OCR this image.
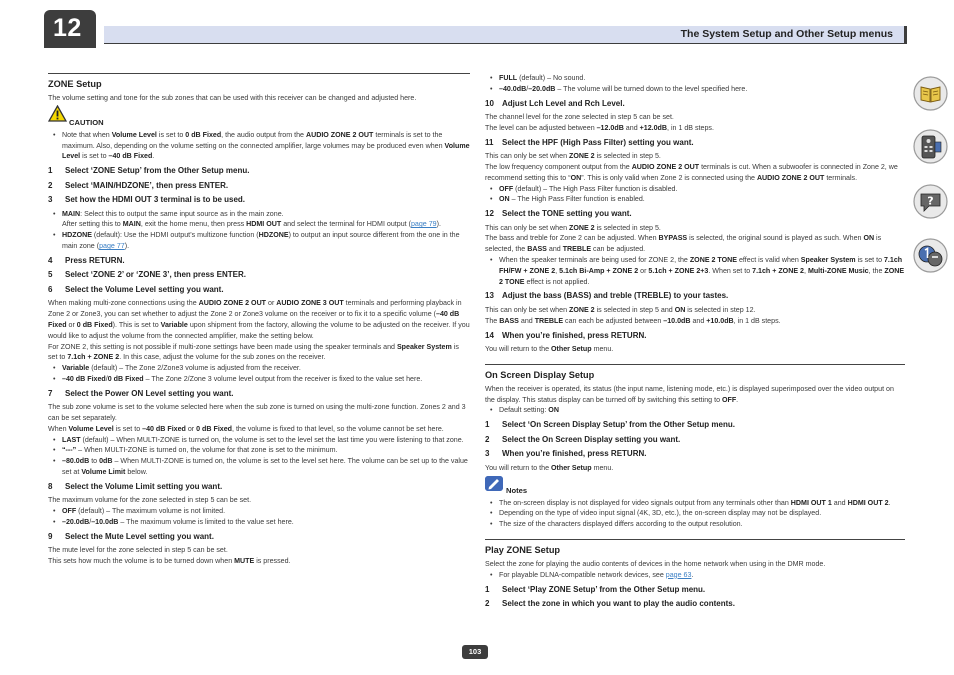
12	The System Setup and Other Setup menus
ZONE Setup

The volume setting and tone for the sub zones that can be used with this receiver can be changed and adjusted here.

CAUTION

• Note that when Volume Level is set to 0 dB Fixed, the audio output from the AUDIO ZONE 2 OUT terminals is set to the maximum. Also, depending on the volume setting on the connected amplifier, large volumes may be produced even when Volume Level is set to –40 dB Fixed.

1 Select ‘ZONE Setup’ from the Other Setup menu.
2 Select ‘MAIN/HDZONE’, then press ENTER.
3 Set how the HDMI OUT 3 terminal is to be used.

• MAIN: Select this to output the same input source as in the main zone.

After setting this to MAIN, exit the home menu, then press HDMI OUT and select the terminal for HDMI output (page 79).

• HDZONE (default): Use the HDMI output’s multizone function (HDZONE) to output an input source different from the one in the main zone (page 77).

4 Press RETURN.
5 Select ‘ZONE 2’ or ‘ZONE 3’, then press ENTER.
6 Select the Volume Level setting you want.

When making multi-zone connections using the AUDIO ZONE 2 OUT or AUDIO ZONE 3 OUT terminals and performing playback in Zone 2 or Zone3, you can set whether to adjust the Zone 2 or Zone3 volume on the receiver or to fix it to a specific volume (–40 dB Fixed or 0 dB Fixed). This is set to Variable upon shipment from the factory, allowing the volume to be adjusted on the receiver. If you would like to adjust the volume from the connected amplifier, make the setting below.

For ZONE 2, this setting is not possible if multi-zone settings have been made using the speaker terminals and Speaker System is set to 7.1ch + ZONE 2. In this case, adjust the volume for the sub zones on the receiver.

• Variable (default) – The Zone 2/Zone3 volume is adjusted from the receiver.

• –40 dB Fixed/0 dB Fixed – The Zone 2/Zone 3 volume level output from the receiver is fixed to the value set here.

7 Select the Power ON Level setting you want.

The sub zone volume is set to the volume selected here when the sub zone is turned on using the multi-zone function. Zones 2 and 3 can be set separately.

When Volume Level is set to –40 dB Fixed or 0 dB Fixed, the volume is fixed to that level, so the volume cannot be set here.

• LAST (default) – When MULTI-ZONE is turned on, the volume is set to the level set the last time you were listening to that zone.

• “---” – When MULTI-ZONE is turned on, the volume for that zone is set to the minimum.

• –80.0dB to 0dB – When MULTI-ZONE is turned on, the volume is set to the level set here. The volume can be set up to the value set at Volume Limit below.

8 Select the Volume Limit setting you want.

The maximum volume for the zone selected in step 5 can be set.

• OFF (default) – The maximum volume is not limited.

• –20.0dB/–10.0dB – The maximum volume is limited to the value set here.

9 Select the Mute Level setting you want.

The mute level for the zone selected in step 5 can be set.

This sets how much the volume is to be turned down when MUTE is pressed.

• FULL (default) – No sound.

• –40.0dB/–20.0dB – The volume will be turned down to the level specified here.

10 Adjust Lch Level and Rch Level.

The channel level for the zone selected in step 5 can be set.

The level can be adjusted between –12.0dB and +12.0dB, in 1 dB steps.

11 Select the HPF (High Pass Filter) setting you want.

This can only be set when ZONE 2 is selected in step 5.

The low frequency component output from the AUDIO ZONE 2 OUT terminals is cut. When a subwoofer is connected in Zone 2, we recommend setting this to “ON”. This is only valid when Zone 2 is connected using the AUDIO ZONE 2 OUT terminals.

• OFF (default) – The High Pass Filter function is disabled.

• ON – The High Pass Filter function is enabled.

12 Select the TONE setting you want.

This can only be set when ZONE 2 is selected in step 5.

The bass and treble for Zone 2 can be adjusted. When BYPASS is selected, the original sound is played as such. When ON is selected, the BASS and TREBLE can be adjusted.

• When the speaker terminals are being used for ZONE 2, the ZONE 2 TONE effect is valid when Speaker System is set to 7.1ch FH/FW + ZONE 2, 5.1ch Bi-Amp + ZONE 2 or 5.1ch + ZONE 2+3. When set to 7.1ch + ZONE 2, Multi-ZONE Music, the ZONE 2 TONE effect is not applied.

13 Adjust the bass (BASS) and treble (TREBLE) to your tastes.

This can only be set when ZONE 2 is selected in step 5 and ON is selected in step 12.

The BASS and TREBLE can each be adjusted between –10.0dB and +10.0dB, in 1 dB steps.

14 When you’re finished, press RETURN.

You will return to the Other Setup menu.

On Screen Display Setup

When the receiver is operated, its status (the input name, listening mode, etc.) is displayed superimposed over the video output on the display. This status display can be turned off by switching this setting to OFF.

• Default setting: ON

1 Select ‘On Screen Display Setup’ from the Other Setup menu.
2 Select the On Screen Display setting you want.
3 When you’re finished, press RETURN.

You will return to the Other Setup menu.

Notes

• The on-screen display is not displayed for video signals output from any terminals other than HDMI OUT 1 and HDMI OUT 2.

• Depending on the type of video input signal (4K, 3D, etc.), the on-screen display may not be displayed.

• The size of the characters displayed differs according to the output resolution.

Play ZONE Setup

Select the zone for playing the audio contents of devices in the home network when using in the DMR mode.

• For playable DLNA-compatible network devices, see page 63.

1 Select ‘Play ZONE Setup’ from the Other Setup menu.
2 Select the zone in which you want to play the audio contents.
?
103
